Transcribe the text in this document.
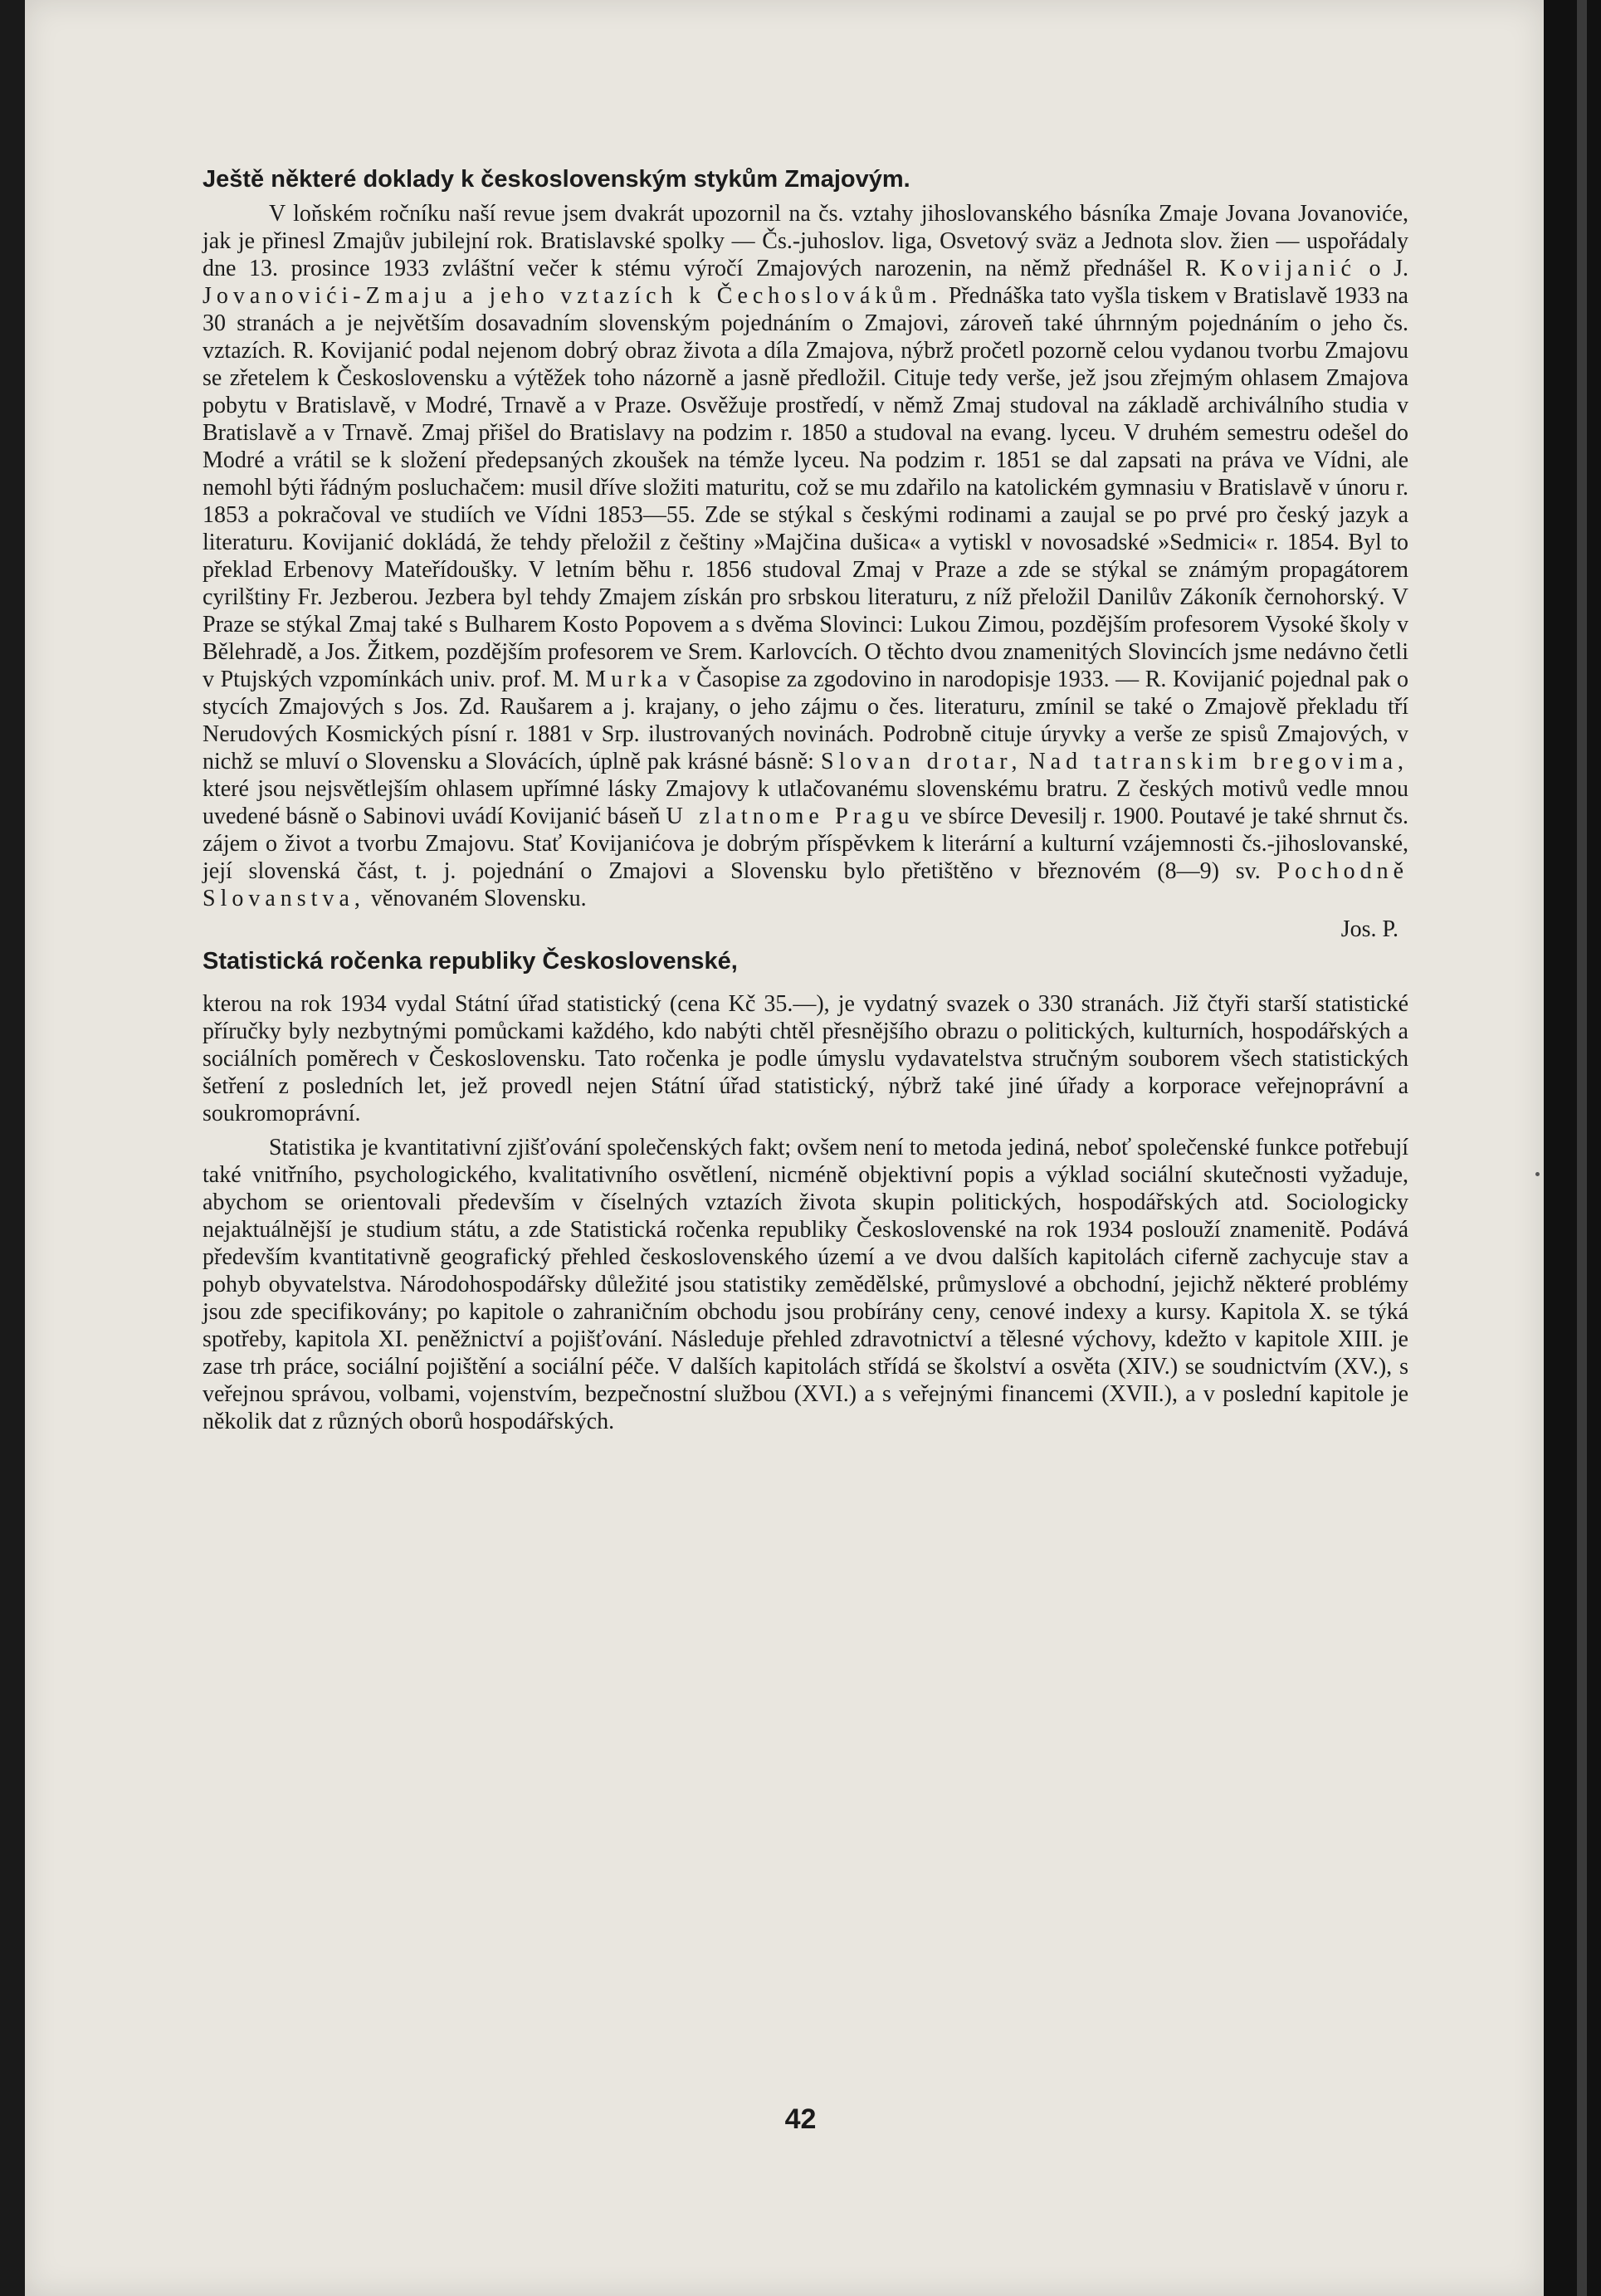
Ještě některé doklady k československým stykům Zmajovým.

V loňském ročníku naší revue jsem dvakrát upozornil na čs. vztahy jihoslovanského básníka Zmaje Jovana Jovanoviće, jak je přinesl Zmajův jubilejní rok. Bratislavské spolky — Čs.-juhoslov. liga, Osvetový sväz a Jednota slov. žien — uspořádaly dne 13. prosince 1933 zvláštní večer k stému výročí Zmajových narozenin, na němž přednášel R. Kovijanić o J. Jovanovići-Zmaju a jeho vztazích k Čechoslovákům. Přednáška tato vyšla tiskem v Bratislavě 1933 na 30 stranách a je největším dosavadním slovenským pojednáním o Zmajovi, zároveň také úhrnným pojednáním o jeho čs. vztazích. R. Kovijanić podal nejenom dobrý obraz života a díla Zmajova, nýbrž pročetl pozorně celou vydanou tvorbu Zmajovu se zřetelem k Československu a výtěžek toho názorně a jasně předložil. Cituje tedy verše, jež jsou zřejmým ohlasem Zmajova pobytu v Bratislavě, v Modré, Trnavě a v Praze. Osvěžuje prostředí, v němž Zmaj studoval na základě archiválního studia v Bratislavě a v Trnavě. Zmaj přišel do Bratislavy na podzim r. 1850 a studoval na evang. lyceu. V druhém semestru odešel do Modré a vrátil se k složení předepsaných zkoušek na témže lyceu. Na podzim r. 1851 se dal zapsati na práva ve Vídni, ale nemohl býti řádným posluchačem: musil dříve složiti maturitu, což se mu zdařilo na katolickém gymnasiu v Bratislavě v únoru r. 1853 a pokračoval ve studiích ve Vídni 1853—55. Zde se stýkal s českými rodinami a zaujal se po prvé pro český jazyk a literaturu. Kovijanić dokládá, že tehdy přeložil z češtiny »Majčina dušica« a vytiskl v novosadské »Sedmici« r. 1854. Byl to překlad Erbenovy Mateřídoušky. V letním běhu r. 1856 studoval Zmaj v Praze a zde se stýkal se známým propagátorem cyrilštiny Fr. Jezberou. Jezbera byl tehdy Zmajem získán pro srbskou literaturu, z níž přeložil Danilův Zákoník černohorský. V Praze se stýkal Zmaj také s Bulharem Kosto Popovem a s dvěma Slovinci: Lukou Zimou, pozdějším profesorem Vysoké školy v Bělehradě, a Jos. Žitkem, pozdějším profesorem ve Srem. Karlovcích. O těchto dvou znamenitých Slovincích jsme nedávno četli v Ptujských vzpomínkách univ. prof. M. Murka v Časopise za zgodovino in narodopisje 1933. — R. Kovijanić pojednal pak o stycích Zmajových s Jos. Zd. Raušarem a j. krajany, o jeho zájmu o čes. literaturu, zmínil se také o Zmajově překladu tří Nerudových Kosmických písní r. 1881 v Srp. ilustrovaných novinách. Podrobně cituje úryvky a verše ze spisů Zmajových, v nichž se mluví o Slovensku a Slovácích, úplně pak krásné básně: Slovan drotar, Nad tatranskim bregovima, které jsou nejsvětlejším ohlasem upřímné lásky Zmajovy k utlačovanému slovenskému bratru. Z českých motivů vedle mnou uvedené básně o Sabinovi uvádí Kovijanić báseň U zlatnome Pragu ve sbírce Devesilj r. 1900. Poutavé je také shrnut čs. zájem o život a tvorbu Zmajovu. Stať Kovijanićova je dobrým příspěvkem k literární a kulturní vzájemnosti čs.-jihoslovanské, její slovenská část, t. j. pojednání o Zmajovi a Slovensku bylo přetištěno v březnovém (8—9) sv. Pochodně Slovanstva, věnovaném Slovensku.

Jos. P.
Statistická ročenka republiky Československé,

kterou na rok 1934 vydal Státní úřad statistický (cena Kč 35.—), je vydatný svazek o 330 stranách. Již čtyři starší statistické příručky byly nezbytnými pomůckami každého, kdo nabýti chtěl přesnějšího obrazu o politických, kulturních, hospodářských a sociálních poměrech v Československu. Tato ročenka je podle úmyslu vydavatelstva stručným souborem všech statistických šetření z posledních let, jež provedl nejen Státní úřad statistický, nýbrž také jiné úřady a korporace veřejnoprávní a soukromoprávní.

Statistika je kvantitativní zjišťování společenských fakt; ovšem není to metoda jediná, neboť společenské funkce potřebují také vnitřního, psychologického, kvalitativního osvětlení, nicméně objektivní popis a výklad sociální skutečnosti vyžaduje, abychom se orientovali především v číselných vztazích života skupin politických, hospodářských atd. Sociologicky nejaktuálnější je studium státu, a zde Statistická ročenka republiky Československé na rok 1934 poslouží znamenitě. Podává především kvantitativně geografický přehled československého území a ve dvou dalších kapitolách ciferně zachycuje stav a pohyb obyvatelstva. Národohospodářsky důležité jsou statistiky zemědělské, průmyslové a obchodní, jejichž některé problémy jsou zde specifikovány; po kapitole o zahraničním obchodu jsou probírány ceny, cenové indexy a kursy. Kapitola X. se týká spotřeby, kapitola XI. peněžnictví a pojišťování. Následuje přehled zdravotnictví a tělesné výchovy, kdežto v kapitole XIII. je zase trh práce, sociální pojištění a sociální péče. V dalších kapitolách střídá se školství a osvěta (XIV.) se soudnictvím (XV.), s veřejnou správou, volbami, vojenstvím, bezpečnostní službou (XVI.) a s veřejnými financemi (XVII.), a v poslední kapitole je několik dat z různých oborů hospodářských.

42
